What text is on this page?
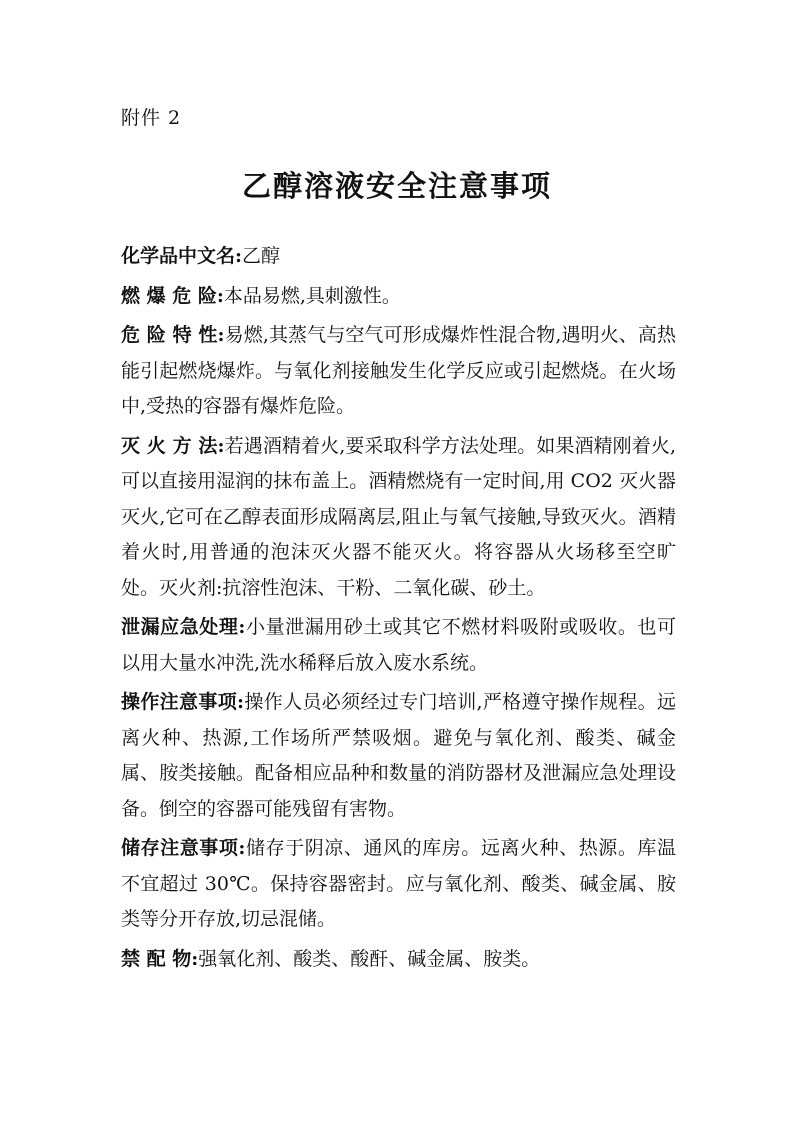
附件 2
乙醇溶液安全注意事项

化学品中文名:乙醇

燃 爆 危 险:本品易燃,具刺激性。

危 险 特 性:易燃,其蒸气与空气可形成爆炸性混合物,遇明火、高热能引起燃烧爆炸。与氧化剂接触发生化学反应或引起燃烧。在火场中,受热的容器有爆炸危险。

灭 火 方 法:若遇酒精着火,要采取科学方法处理。如果酒精刚着火,可以直接用湿润的抹布盖上。酒精燃烧有一定时间,用 CO2 灭火器灭火,它可在乙醇表面形成隔离层,阻止与氧气接触,导致灭火。酒精着火时,用普通的泡沫灭火器不能灭火。将容器从火场移至空旷处。灭火剂:抗溶性泡沫、干粉、二氧化碳、砂土。

泄漏应急处理:小量泄漏用砂土或其它不燃材料吸附或吸收。也可以用大量水冲洗,洗水稀释后放入废水系统。

操作注意事项:操作人员必须经过专门培训,严格遵守操作规程。远离火种、热源,工作场所严禁吸烟。避免与氧化剂、酸类、碱金属、胺类接触。配备相应品种和数量的消防器材及泄漏应急处理设备。倒空的容器可能残留有害物。

储存注意事项:储存于阴凉、通风的库房。远离火种、热源。库温不宜超过 30℃。保持容器密封。应与氧化剂、酸类、碱金属、胺类等分开存放,切忌混储。

禁 配 物:强氧化剂、酸类、酸酐、碱金属、胺类。
